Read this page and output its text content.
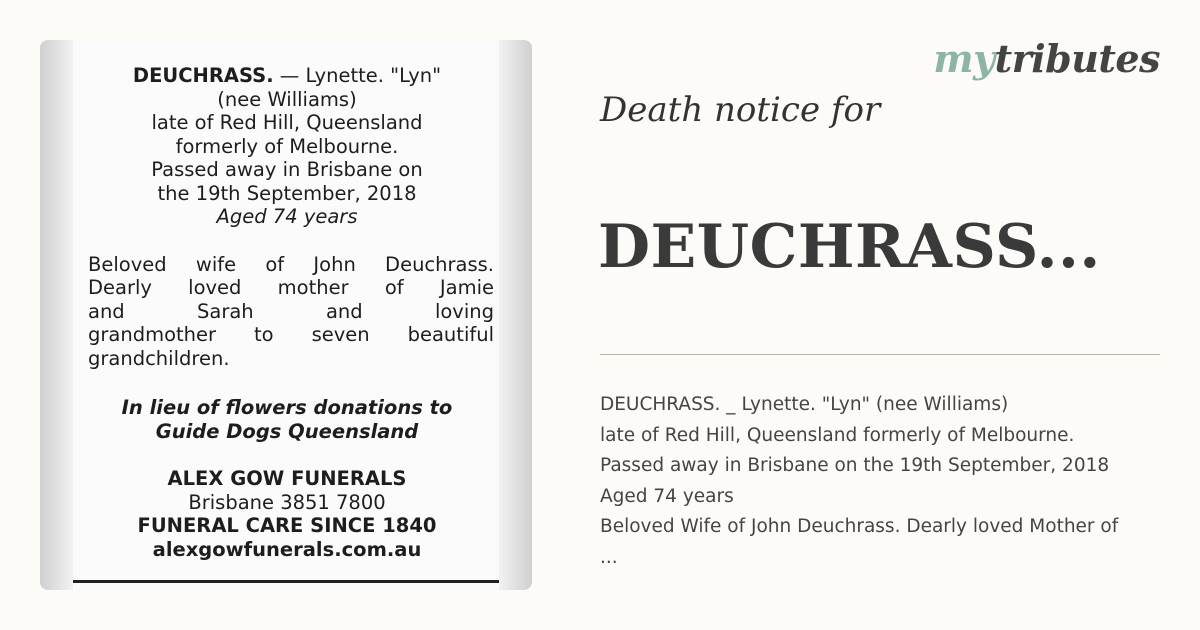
DEUCHRASS. — Lynette. "Lyn"
(nee Williams)
late of Red Hill, Queensland
formerly of Melbourne.
Passed away in Brisbane on
the 19th September, 2018
Aged 74 years
Beloved wife of John Deuchrass.
Dearly loved mother of Jamie
and Sarah and loving
grandmother to seven beautiful
grandchildren.
In lieu of flowers donations to
Guide Dogs Queensland
ALEX GOW FUNERALS
Brisbane 3851 7800
FUNERAL CARE SINCE 1840
alexgowfunerals.com.au
mytributes
Death notice for
DEUCHRASS...
DEUCHRASS. _ Lynette. "Lyn" (nee Williams)
late of Red Hill, Queensland formerly of Melbourne.
Passed away in Brisbane on the 19th September, 2018
Aged 74 years
Beloved Wife of John Deuchrass. Dearly loved Mother of
...
